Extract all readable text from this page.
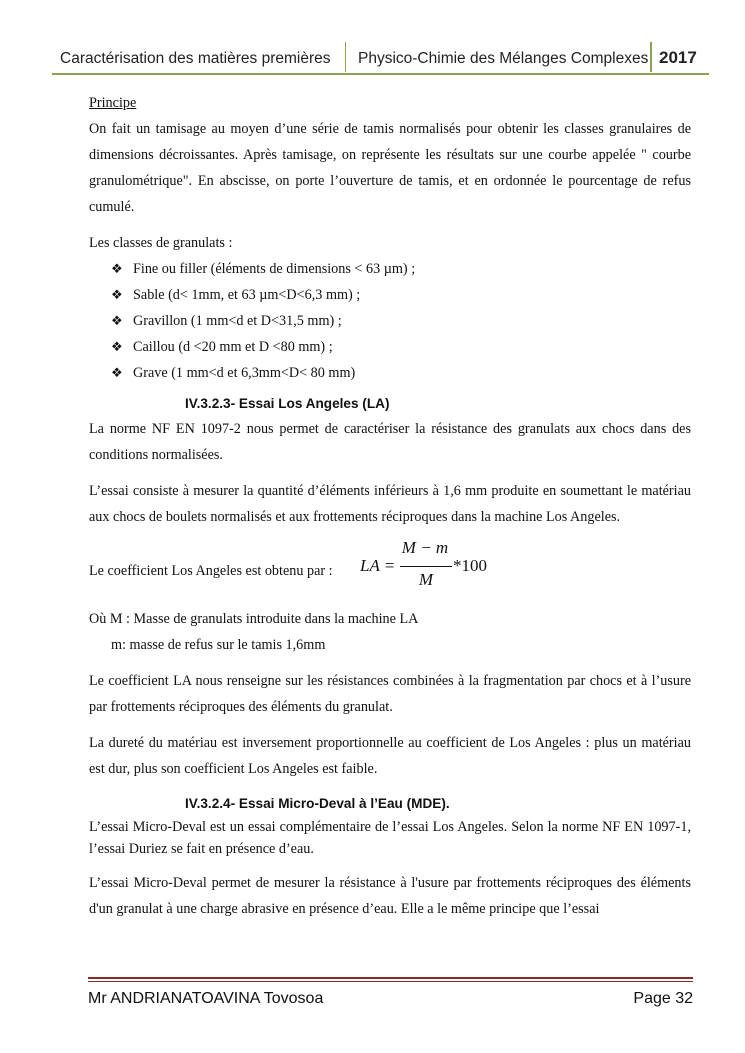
Caractérisation des matières premières Physico-Chimie des Mélanges Complexes 2017

Principe

On fait un tamisage au moyen d’une série de tamis normalisés pour obtenir les classes granulaires de dimensions décroissantes. Après tamisage, on représente les résultats sur une courbe appelée " courbe granulométrique". En abscisse, on porte l’ouverture de tamis, et en ordonnée le pourcentage de refus cumulé.

Les classes de granulats :

❖ Fine ou filler (éléments de dimensions < 63 µm) ;
❖ Sable (d< 1mm, et 63 µm<D<6,3 mm) ;
❖ Gravillon (1 mm<d et D<31,5 mm) ;
❖ Caillou (d <20 mm et D <80 mm) ;
❖ Grave (1 mm<d et 6,3mm<D< 80 mm)

IV.3.2.3- Essai Los Angeles (LA)

La norme NF EN 1097-2 nous permet de caractériser la résistance des granulats aux chocs dans des conditions normalisées.

L’essai consiste à mesurer la quantité d’éléments inférieurs à 1,6 mm produite en soumettant le matériau aux chocs de boulets normalisés et aux frottements réciproques dans la machine Los Angeles.

Le coefficient Los Angeles est obtenu par : LA =
M − m
M
*100

Où M : Masse de granulats introduite dans la machine LA

m: masse de refus sur le tamis 1,6mm

Le coefficient LA nous renseigne sur les résistances combinées à la fragmentation par chocs et à l’usure par frottements réciproques des éléments du granulat.

La dureté du matériau est inversement proportionnelle au coefficient de Los Angeles : plus un matériau est dur, plus son coefficient Los Angeles est faible.

IV.3.2.4- Essai Micro-Deval à l’Eau (MDE).

L’essai Micro-Deval est un essai complémentaire de l’essai Los Angeles. Selon la norme NF EN 1097-1, l’essai Duriez se fait en présence d’eau.

L’essai Micro-Deval permet de mesurer la résistance à l'usure par frottements réciproques des éléments d'un granulat à une charge abrasive en présence d’eau. Elle a le même principe que l’essai

Mr ANDRIANATOAVINA Tovosoa	Page 32
